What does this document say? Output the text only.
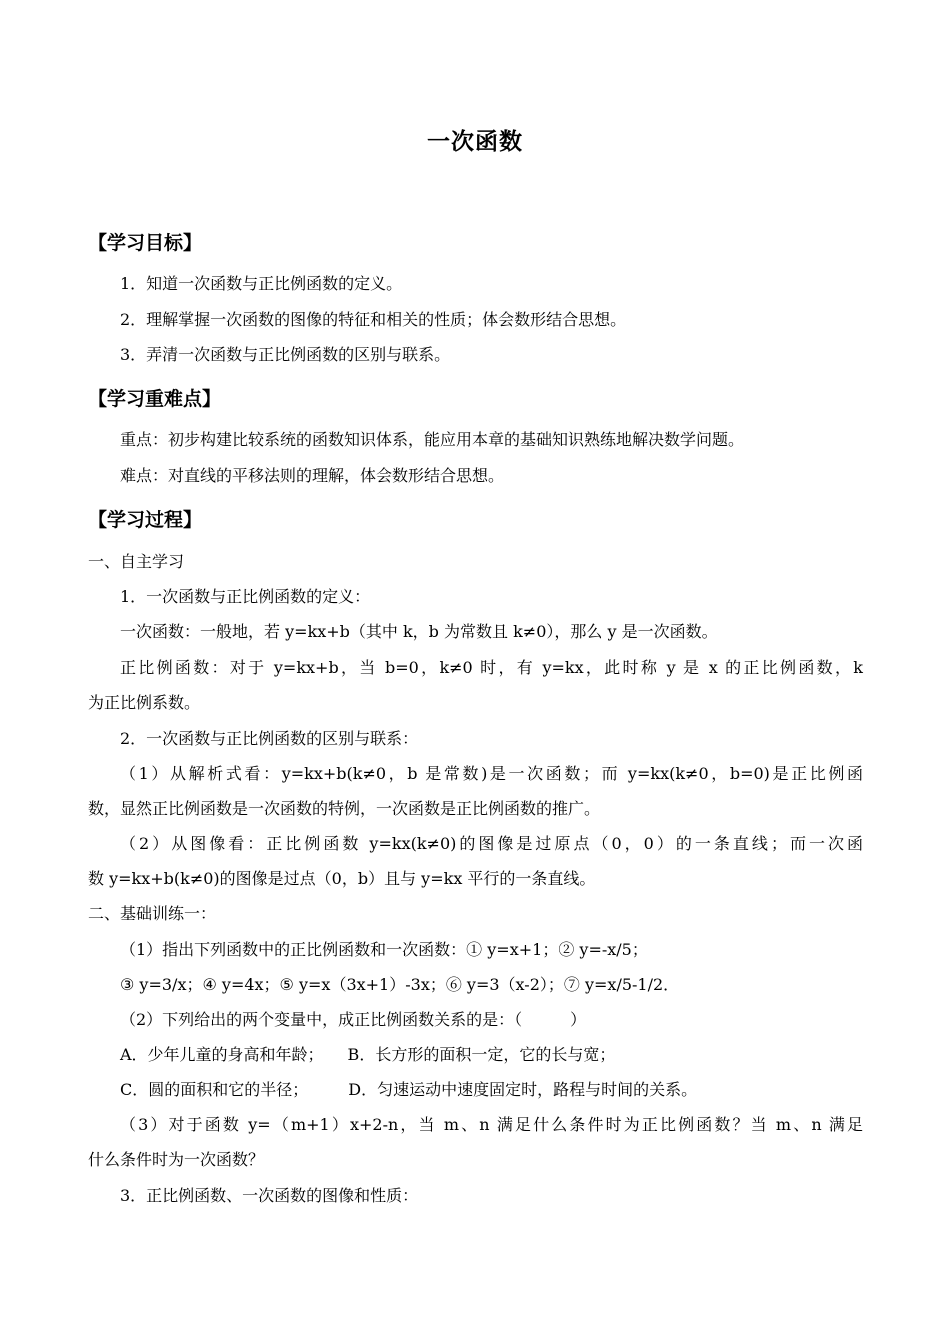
一次函数
【学习目标】
1．知道一次函数与正比例函数的定义。
2．理解掌握一次函数的图像的特征和相关的性质；体会数形结合思想。
3．弄清一次函数与正比例函数的区别与联系。
【学习重难点】
重点：初步构建比较系统的函数知识体系，能应用本章的基础知识熟练地解决数学问题。
难点：对直线的平移法则的理解，体会数形结合思想。
【学习过程】
一、自主学习
1．一次函数与正比例函数的定义：
一次函数：一般地，若 y=kx+b（其中 k，b 为常数且 k≠0），那么 y 是一次函数。
正比例函数：对于 y=kx+b，当 b=0，k≠0 时，有 y=kx，此时称 y 是 x 的正比例函数，k
为正比例系数。
2．一次函数与正比例函数的区别与联系：
（1）从解析式看：y=kx+b(k≠0，b 是常数)是一次函数；而 y=kx(k≠0，b=0)是正比例函
数，显然正比例函数是一次函数的特例，一次函数是正比例函数的推广。
（2）从图像看：正比例函数 y=kx(k≠0)的图像是过原点（0，0）的一条直线；而一次函
数 y=kx+b(k≠0)的图像是过点（0，b）且与 y=kx 平行的一条直线。
二、基础训练一：
（1）指出下列函数中的正比例函数和一次函数：① y=x+1；② y=-x/5；
③ y=3/x；④ y=4x；⑤ y=x（3x+1）-3x；⑥ y=3（x-2）；⑦ y=x/5-1/2．
（2）下列给出的两个变量中，成正比例函数关系的是：（　　　）
A．少年儿童的身高和年龄；　　B．长方形的面积一定，它的长与宽；
C．圆的面积和它的半径；　　　D．匀速运动中速度固定时，路程与时间的关系。
（3）对于函数 y=（m+1）x+2-n，当 m、n 满足什么条件时为正比例函数？当 m、n 满足
什么条件时为一次函数？
3．正比例函数、一次函数的图像和性质：
